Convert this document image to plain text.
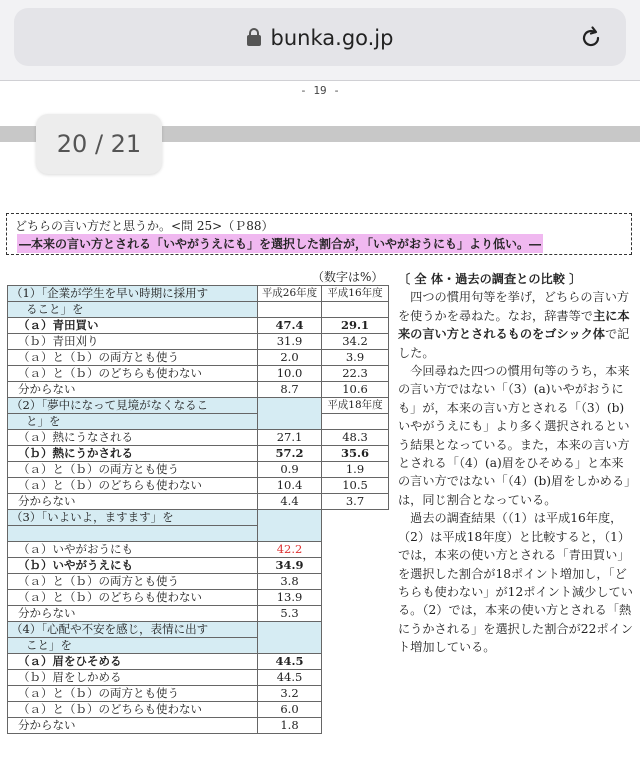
bunka.go.jp
- 19 -
20 / 21
どちらの言い方だと思うか。<問 25>（Ｐ88）
―本来の言い方とされる「いやがうえにも」を選択した割合が，「いやがおうにも」より低い。―
（数字は%）
（1）「企業が学生を早い時期に採用す	平成26年度	平成16年度
ること」を		
（ａ）青田買い	47.4	29.1
（ｂ）青田刈り	31.9	34.2
（ａ）と（ｂ）の両方とも使う	2.0	3.9
（ａ）と（ｂ）のどちらも使わない	10.0	22.3
分からない	8.7	10.6
（2）「夢中になって見境がなくなるこ		平成18年度
と」を		
（ａ）熱にうなされる	27.1	48.3
（ｂ）熱にうかされる	57.2	35.6
（ａ）と（ｂ）の両方とも使う	0.9	1.9
（ａ）と（ｂ）のどちらも使わない	10.4	10.5
分からない	4.4	3.7
（3）「いよいよ，ますます」を		

（ａ）いやがおうにも	42.2	
（ｂ）いやがうえにも	34.9	
（ａ）と（ｂ）の両方とも使う	3.8	
（ａ）と（ｂ）のどちらも使わない	13.9	
分からない	5.3	
（4）「心配や不安を感じ，表情に出す		
こと」を		
（ａ）眉をひそめる	44.5	
（ｂ）眉をしかめる	44.5	
（ａ）と（ｂ）の両方とも使う	3.2	
（ａ）と（ｂ）のどちらも使わない	6.0	
分からない	1.8	

〔 全 体・過去の調査との比較 〕

　四つの慣用句等を挙げ，どちらの言い方を使うかを尋ねた。なお，辞書等で主に本来の言い方とされるものをゴシック体で記した。

　今回尋ねた四つの慣用句等のうち，本来の言い方ではない「（3）(a)いやがおうにも」が，本来の言い方とされる「（3）(b)いやがうえにも」より多く選択されるという結果となっている。また，本来の言い方とされる「（4）(a)眉をひそめる」と本来の言い方ではない「（4）(b)眉をしかめる」は，同じ割合となっている。

　過去の調査結果（（1）は平成16年度，（2）は平成18年度）と比較すると，（1）では，本来の使い方とされる「青田買い」を選択した割合が18ポイント増加し，「どちらも使わない」が12ポイント減少している。（2）では，本来の使い方とされる「熱にうかされる」を選択した割合が22ポイント増加している。
